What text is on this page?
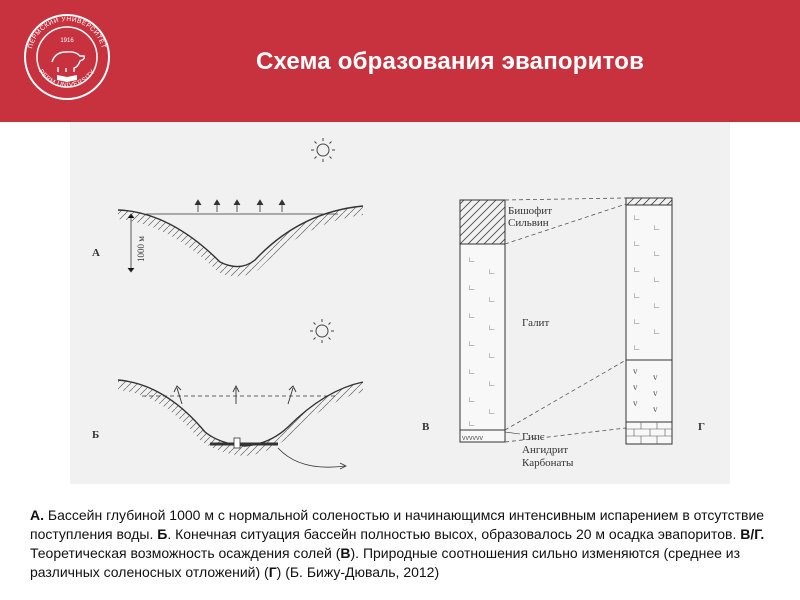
ПЕРМСКИЙ УНИВЕРСИТЕТ
PERM UNIVERSITY
1916
Схема образования эвапоритов
1000 м
А
Б
∟
∟
∟
∟
∟
∟
∟
∟
∟
∟
∟
∟
∟
vvvvvv
Бишофит
Сильвин
Галит
Гипс
Ангидрит
Карбонаты
В
∟
∟
∟
∟
∟
∟
∟
∟
∟
∟
∟
v
v
v
v
v
v
Г
А. Бассейн глубиной 1000 м с нормальной соленостью и начинающимся интенсивным испарением в отсутствие поступления воды. Б. Конечная ситуация бассейн полностью высох, образовалось 20 м осадка эвапоритов. В/Г. Теоретическая возможность осаждения солей (В). Природные соотношения сильно изменяются (среднее из различных соленосных отложений) (Г) (Б. Бижу-Дюваль, 2012)
